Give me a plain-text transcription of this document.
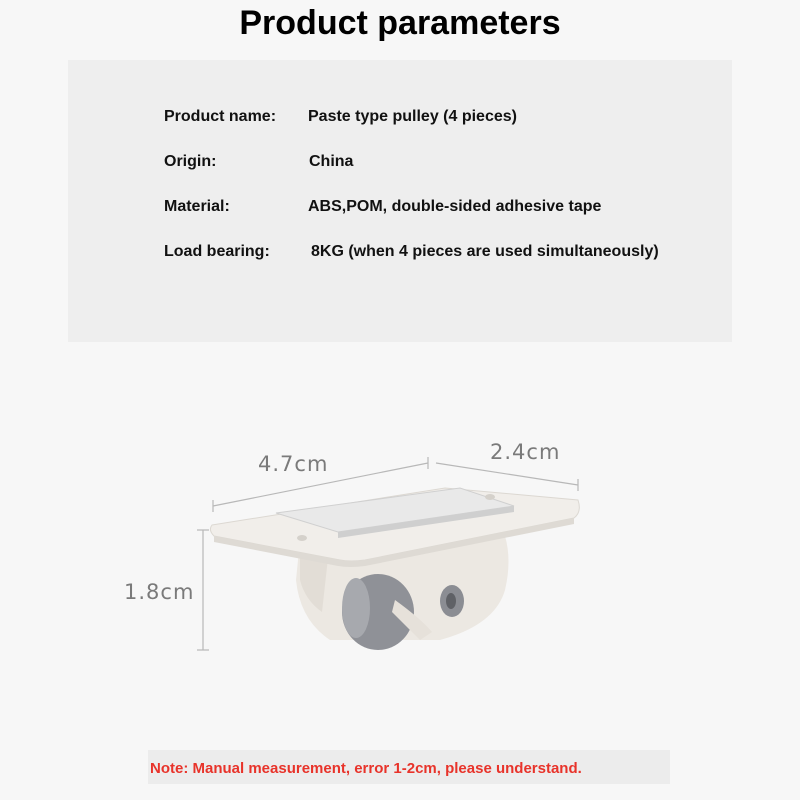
Product parameters
Product name: Paste type pulley (4 pieces)
Origin:	China
Material:	ABS,POM, double-sided adhesive tape
Load bearing:	8KG (when 4 pieces are used simultaneously)
4.7cm	2.4cm
1.8cm
Note: Manual measurement, error 1-2cm, please understand.
